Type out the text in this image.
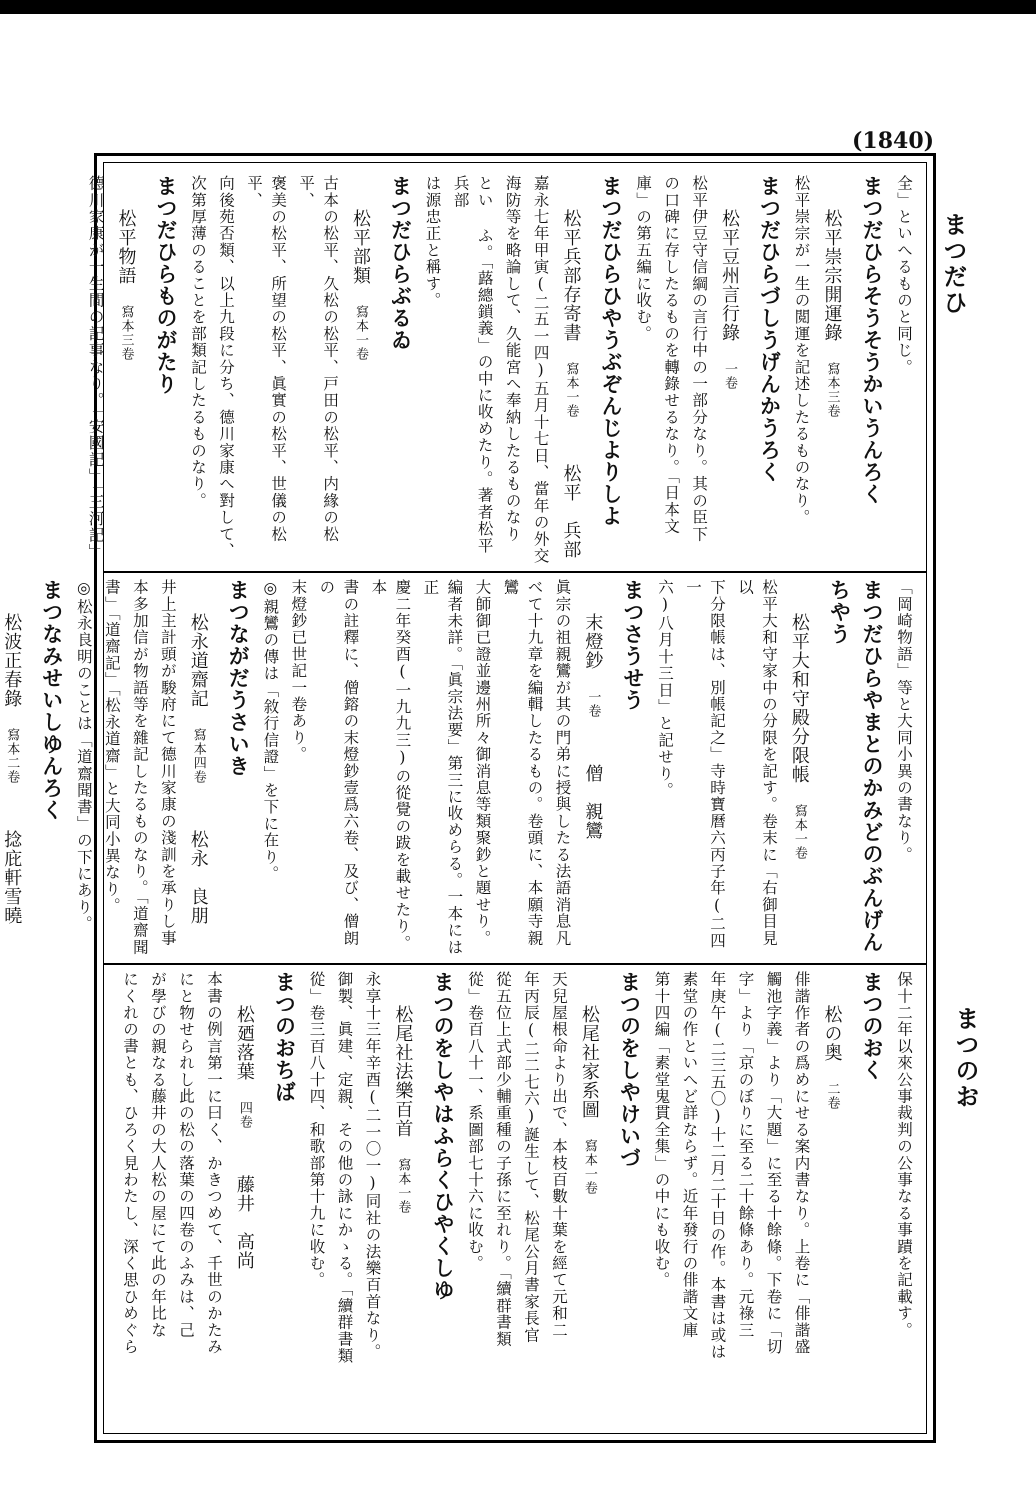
(1840)
まつだひ
まつのお
全」といへるものと同じ。
まつだひらそうそうかいうんろく
松平崇宗開運錄寫本三卷
松平崇宗が一生の閲運を記述したるものなり。
まつだひらづしうげんかうろく
松平豆州言行錄一卷
松平伊豆守信綱の言行中の一部分なり。其の臣下
の口碑に存したるものを轉錄せるなり。「日本文
庫」の第五編に收む。
まつだひらひやうぶぞんじよりしよ
松平兵部存寄書寫本一卷松平　兵部
嘉永七年甲寅(二五一四)五月十七日、當年の外交
海防等を略論して、久能宮へ奉納したるものなり
とい ふ。「蕗總鎖義」の中に收めたり。著者松平兵部
は源忠正と稱す。
まつだひらぶるゐ
松平部類寫本一卷
古本の松平、久松の松平、戸田の松平、内緣の松平、
褒美の松平、所望の松平、眞實の松平、世儀の松平、
向後苑否類、以上九段に分ち、德川家康へ對して、
次第厚薄のることを部類記したるものなり。
まつだひらものがたり
松平物語寫本三卷
德川家康が一生間の記事なり。「安國記」「三河記」
「岡崎物語」等と大同小異の書なり。
まつだひらやまとのかみどのぶんげんちやう
松平大和守殿分限帳寫本一卷
松平大和守家中の分限を記す。卷末に「右御目見以
下分限帳は、別帳記之」寺時寶曆六丙子年(二四一
六)八月十三日」と記せり。
まつさうせう
末燈鈔一卷僧　親鸞
眞宗の祖親鸞が其の門弟に授與したる法語消息凡
べて十九章を編輯したるもの。卷頭に、本願寺親鸞
大師御已證並邊州所々御消息等類聚鈔と題せり。
編者未詳。「眞宗法要」第三に收めらる。一本には正
慶二年癸酉(一九九三)の從覺の跋を載せたり。本
書の註釋に、僧鎔の末燈鈔壹爲六卷、及び、僧朗の
末燈鈔已世記一卷あり。
◎親鸞の傳は「敘行信證」を下に在り。
まつながだうさいき
松永道齋記寫本四卷松永　良朋
井上主計頭が駿府にて德川家康の淺訓を承りし事
本多加信が物語等を雜記したるものなり。「道齋聞
書」「道齋記」「松永道齋」と大同小異なり。
◎松永良明のことは「道齋聞書」の下にあり。
まつなみせいしゆんろく
松波正春錄寫本二卷捻庇軒雪曉
保十二年以來公事裁判の公事なる事蹟を記載す。
まつのおく
松の奥二卷
俳諧作者の爲めにせる案内書なり。上卷に「俳諧盛
觸池字義」より「大題」に至る十餘條。下卷に「切
字」より「京のぼりに至る二十餘條あり。元祿三
年庚午(二三五〇)十二月二十日の作。本書は或は
素堂の作といへど詳ならず。近年發行の俳諧文庫
第十四編「素堂鬼貫全集」の中にも收む。
まつのをしやけいづ
松尾社家系圖寫本一卷
天兒屋根命より出で、本枝百數十葉を經て元和二
年丙辰(二二七六)誕生して、松尾公月書家長官
從五位上式部少輔重種の子孫に至れり。「續群書類
從」卷百八十一、系圖部七十六に收む。
まつのをしやはふらくひやくしゆ
松尾社法樂百首寫本一卷
永享十三年辛酉(二一〇一)同社の法樂百首なり。
御製、眞建、定親、その他の詠にかゝる。「續群書類
從」卷三百八十四、和歌部第十九に收む。
まつのおちば
松廼落葉四卷藤井　高尚
本書の例言第一に曰く、かきつめて、千世のかたみ
にと物せられし此の松の落葉の四卷のふみは、己
が學びの親なる藤井の大人松の屋にて此の年比な
にくれの書とも、ひろく見わたし、深く思ひめぐら
